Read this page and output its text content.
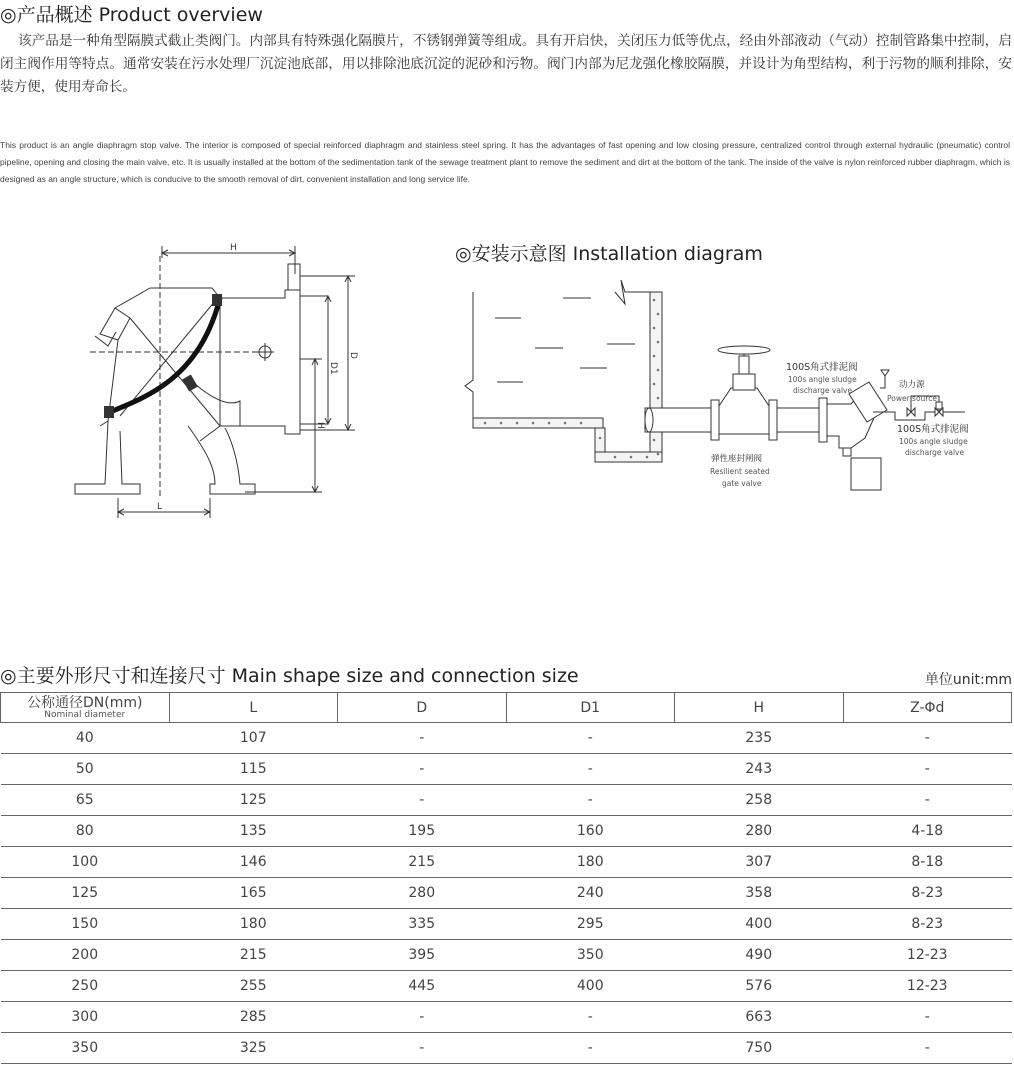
◎产品概述 Product overview
该产品是一种角型隔膜式截止类阀门。内部具有特殊强化隔膜片，不锈钢弹簧等组成。具有开启快，关闭压力低等优点，经由外部液动（气动）控制管路集中控制，启闭主阀作用等特点。通常安装在污水处理厂沉淀池底部，用以排除池底沉淀的泥砂和污物。阀门内部为尼龙强化橡胶隔膜，并设计为角型结构，利于污物的顺利排除，安装方便，使用寿命长。
This product is an angle diaphragm stop valve. The interior is composed of special reinforced diaphragm and stainless steel spring. It has the advantages of fast opening and low closing pressure, centralized control through external hydraulic (pneumatic) control pipeline, opening and closing the main valve, etc. It is usually installed at the bottom of the sedimentation tank of the sewage treatment plant to remove the sediment and dirt at the bottom of the tank. The inside of the valve is nylon reinforced rubber diaphragm, which is designed as an angle structure, which is conducive to the smooth removal of dirt, convenient installation and long service life.
H
D1
D
H
L
◎安装示意图 Installation diagram
100S角式排泥阀
100s angle sludge
discharge valve
动力源
Power source
弹性座封闸阀
Resilient seated
gate valve
100S角式排泥阀
100s angle sludge
discharge valve
◎主要外形尺寸和连接尺寸 Main shape size and connection size	单位unit:mm
公称通径DN(mm)
Nominal diameter	L	D	D1	H	Z-Φd
40	107	-	-	235	-
50	115	-	-	243	-
65	125	-	-	258	-
80	135	195	160	280	4-18
100	146	215	180	307	8-18
125	165	280	240	358	8-23
150	180	335	295	400	8-23
200	215	395	350	490	12-23
250	255	445	400	576	12-23
300	285	-	-	663	-
350	325	-	-	750	-
